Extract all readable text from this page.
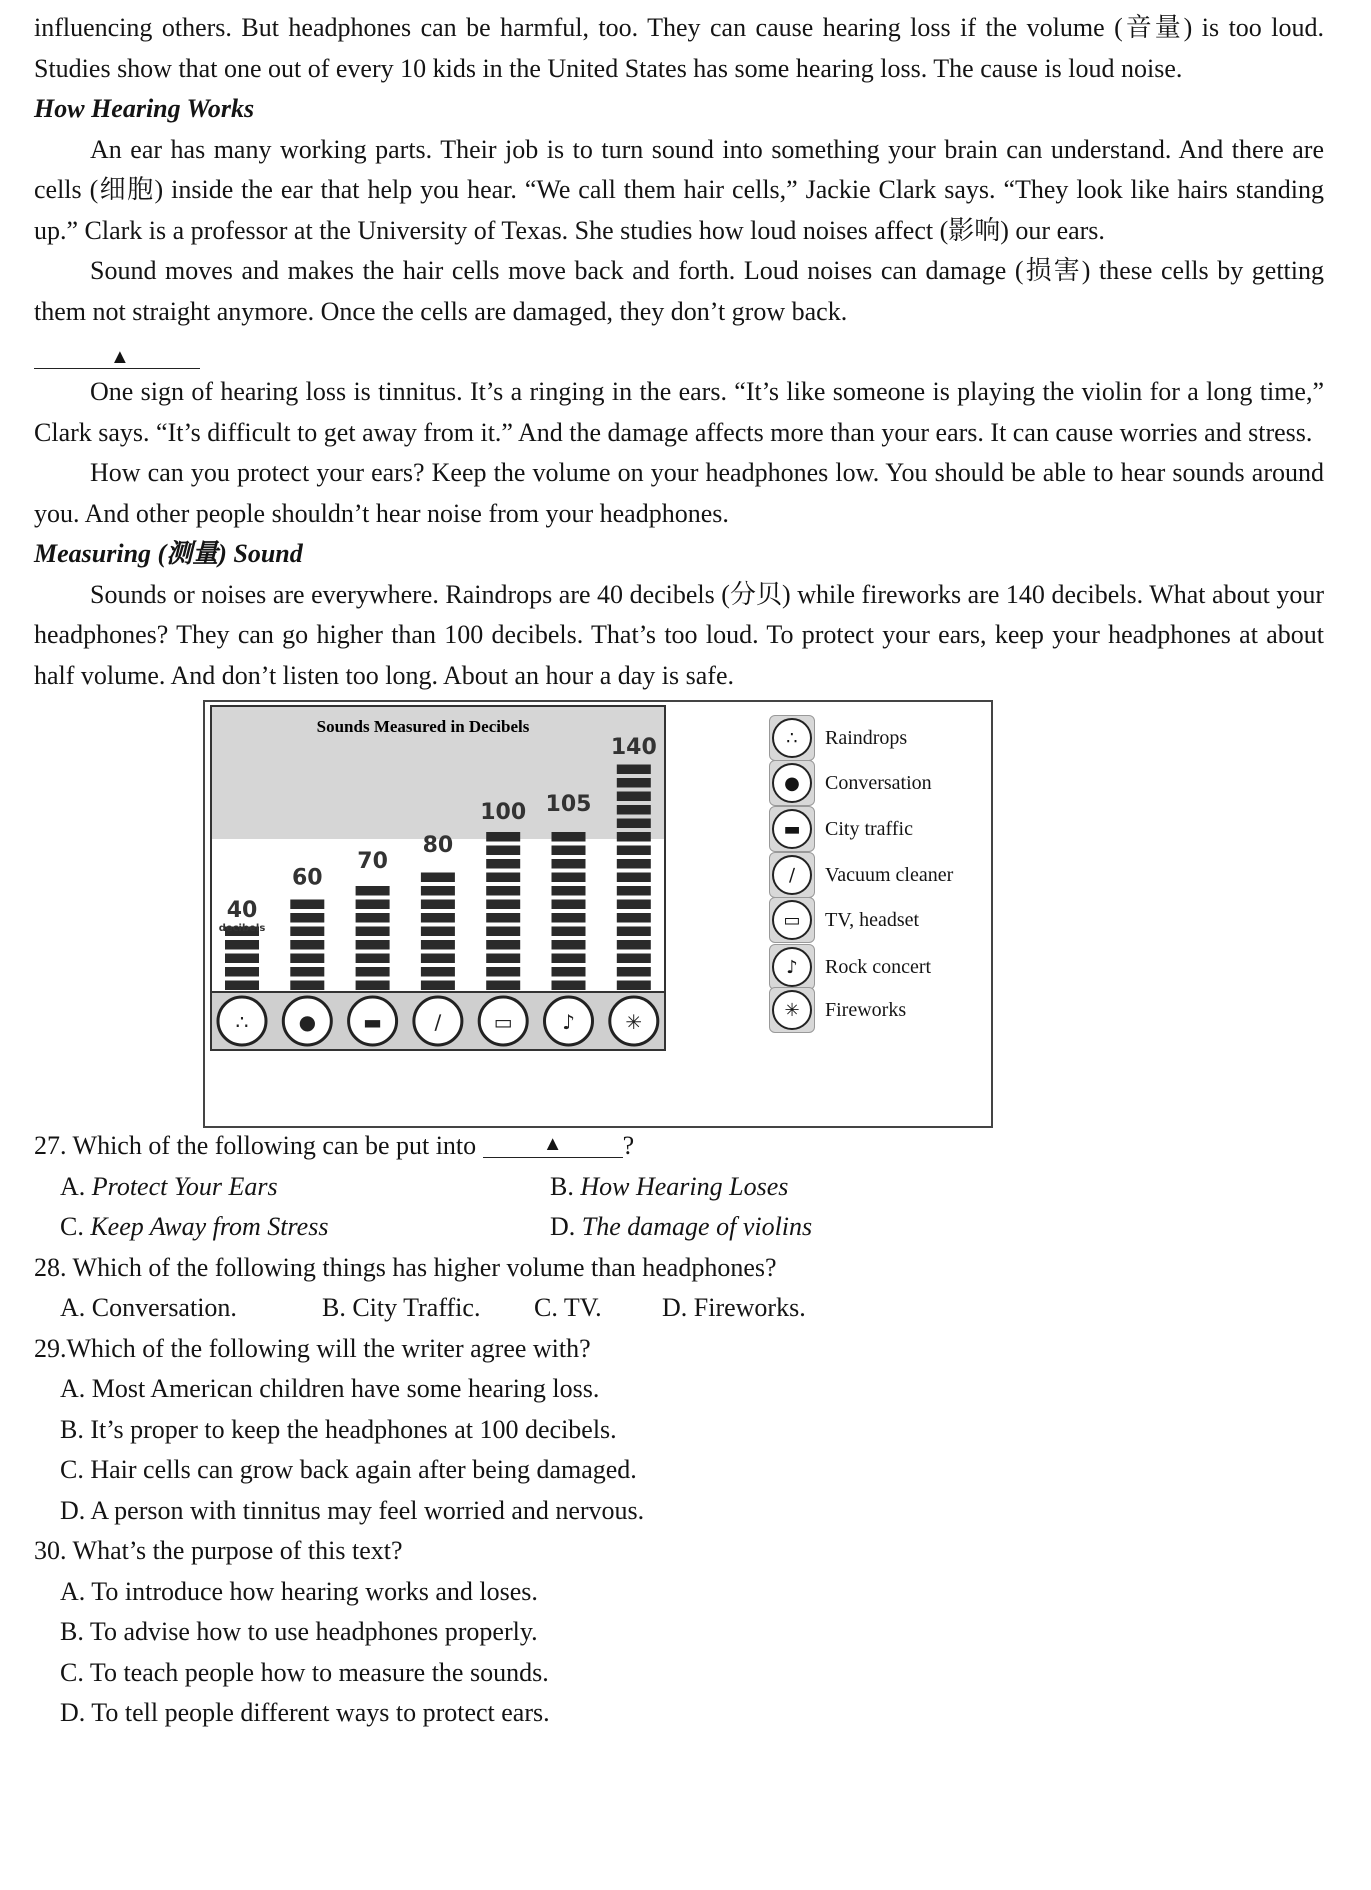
influencing others. But headphones can be harmful, too. They can cause hearing loss if the volume (音量) is too loud. Studies show that one out of every 10 kids in the United States has some hearing loss. The cause is loud noise.

How Hearing Works

An ear has many working parts. Their job is to turn sound into something your brain can understand. And there are cells (细胞) inside the ear that help you hear. “We call them hair cells,” Jackie Clark says. “They look like hairs standing up.” Clark is a professor at the University of Texas. She studies how loud noises affect (影响) our ears.

Sound moves and makes the hair cells move back and forth. Loud noises can damage (损害) these cells by getting them not straight anymore. Once the cells are damaged, they don’t grow back.

▲

One sign of hearing loss is tinnitus. It’s a ringing in the ears. “It’s like someone is playing the violin for a long time,” Clark says. “It’s difficult to get away from it.” And the damage affects more than your ears. It can cause worries and stress.

How can you protect your ears? Keep the volume on your headphones low. You should be able to hear sounds around you. And other people shouldn’t hear noise from your headphones.

Measuring (测量) Sound

Sounds or noises are everywhere. Raindrops are 40 decibels (分贝) while fireworks are 140 decibels. What about your headphones? They can go higher than 100 decibels. That’s too loud. To protect your ears, keep your headphones at about half volume. And don’t listen too long. About an hour a day is safe.

Sounds Measured in Decibels
40
decibels
60
70
80
100 105
140
∴	● ▬	∕	▭ ♪	✳
∴	Raindrops
●	Conversation
▬	City traffic
∕	Vacuum cleaner
▭	TV, headset
♪	Rock concert
✳	Fireworks

27. Which of the following can be put into	▲ ?

A. Protect Your Ears	B. How Hearing Loses
C. Keep Away from Stress	D. The damage of violins

28. Which of the following things has higher volume than headphones?

A. Conversation.	B. City Traffic.	C. TV.	D. Fireworks.

29.Which of the following will the writer agree with?

A. Most American children have some hearing loss.

B. It’s proper to keep the headphones at 100 decibels.

C. Hair cells can grow back again after being damaged.

D. A person with tinnitus may feel worried and nervous.

30. What’s the purpose of this text?

A. To introduce how hearing works and loses.

B. To advise how to use headphones properly.

C. To teach people how to measure the sounds.

D. To tell people different ways to protect ears.
